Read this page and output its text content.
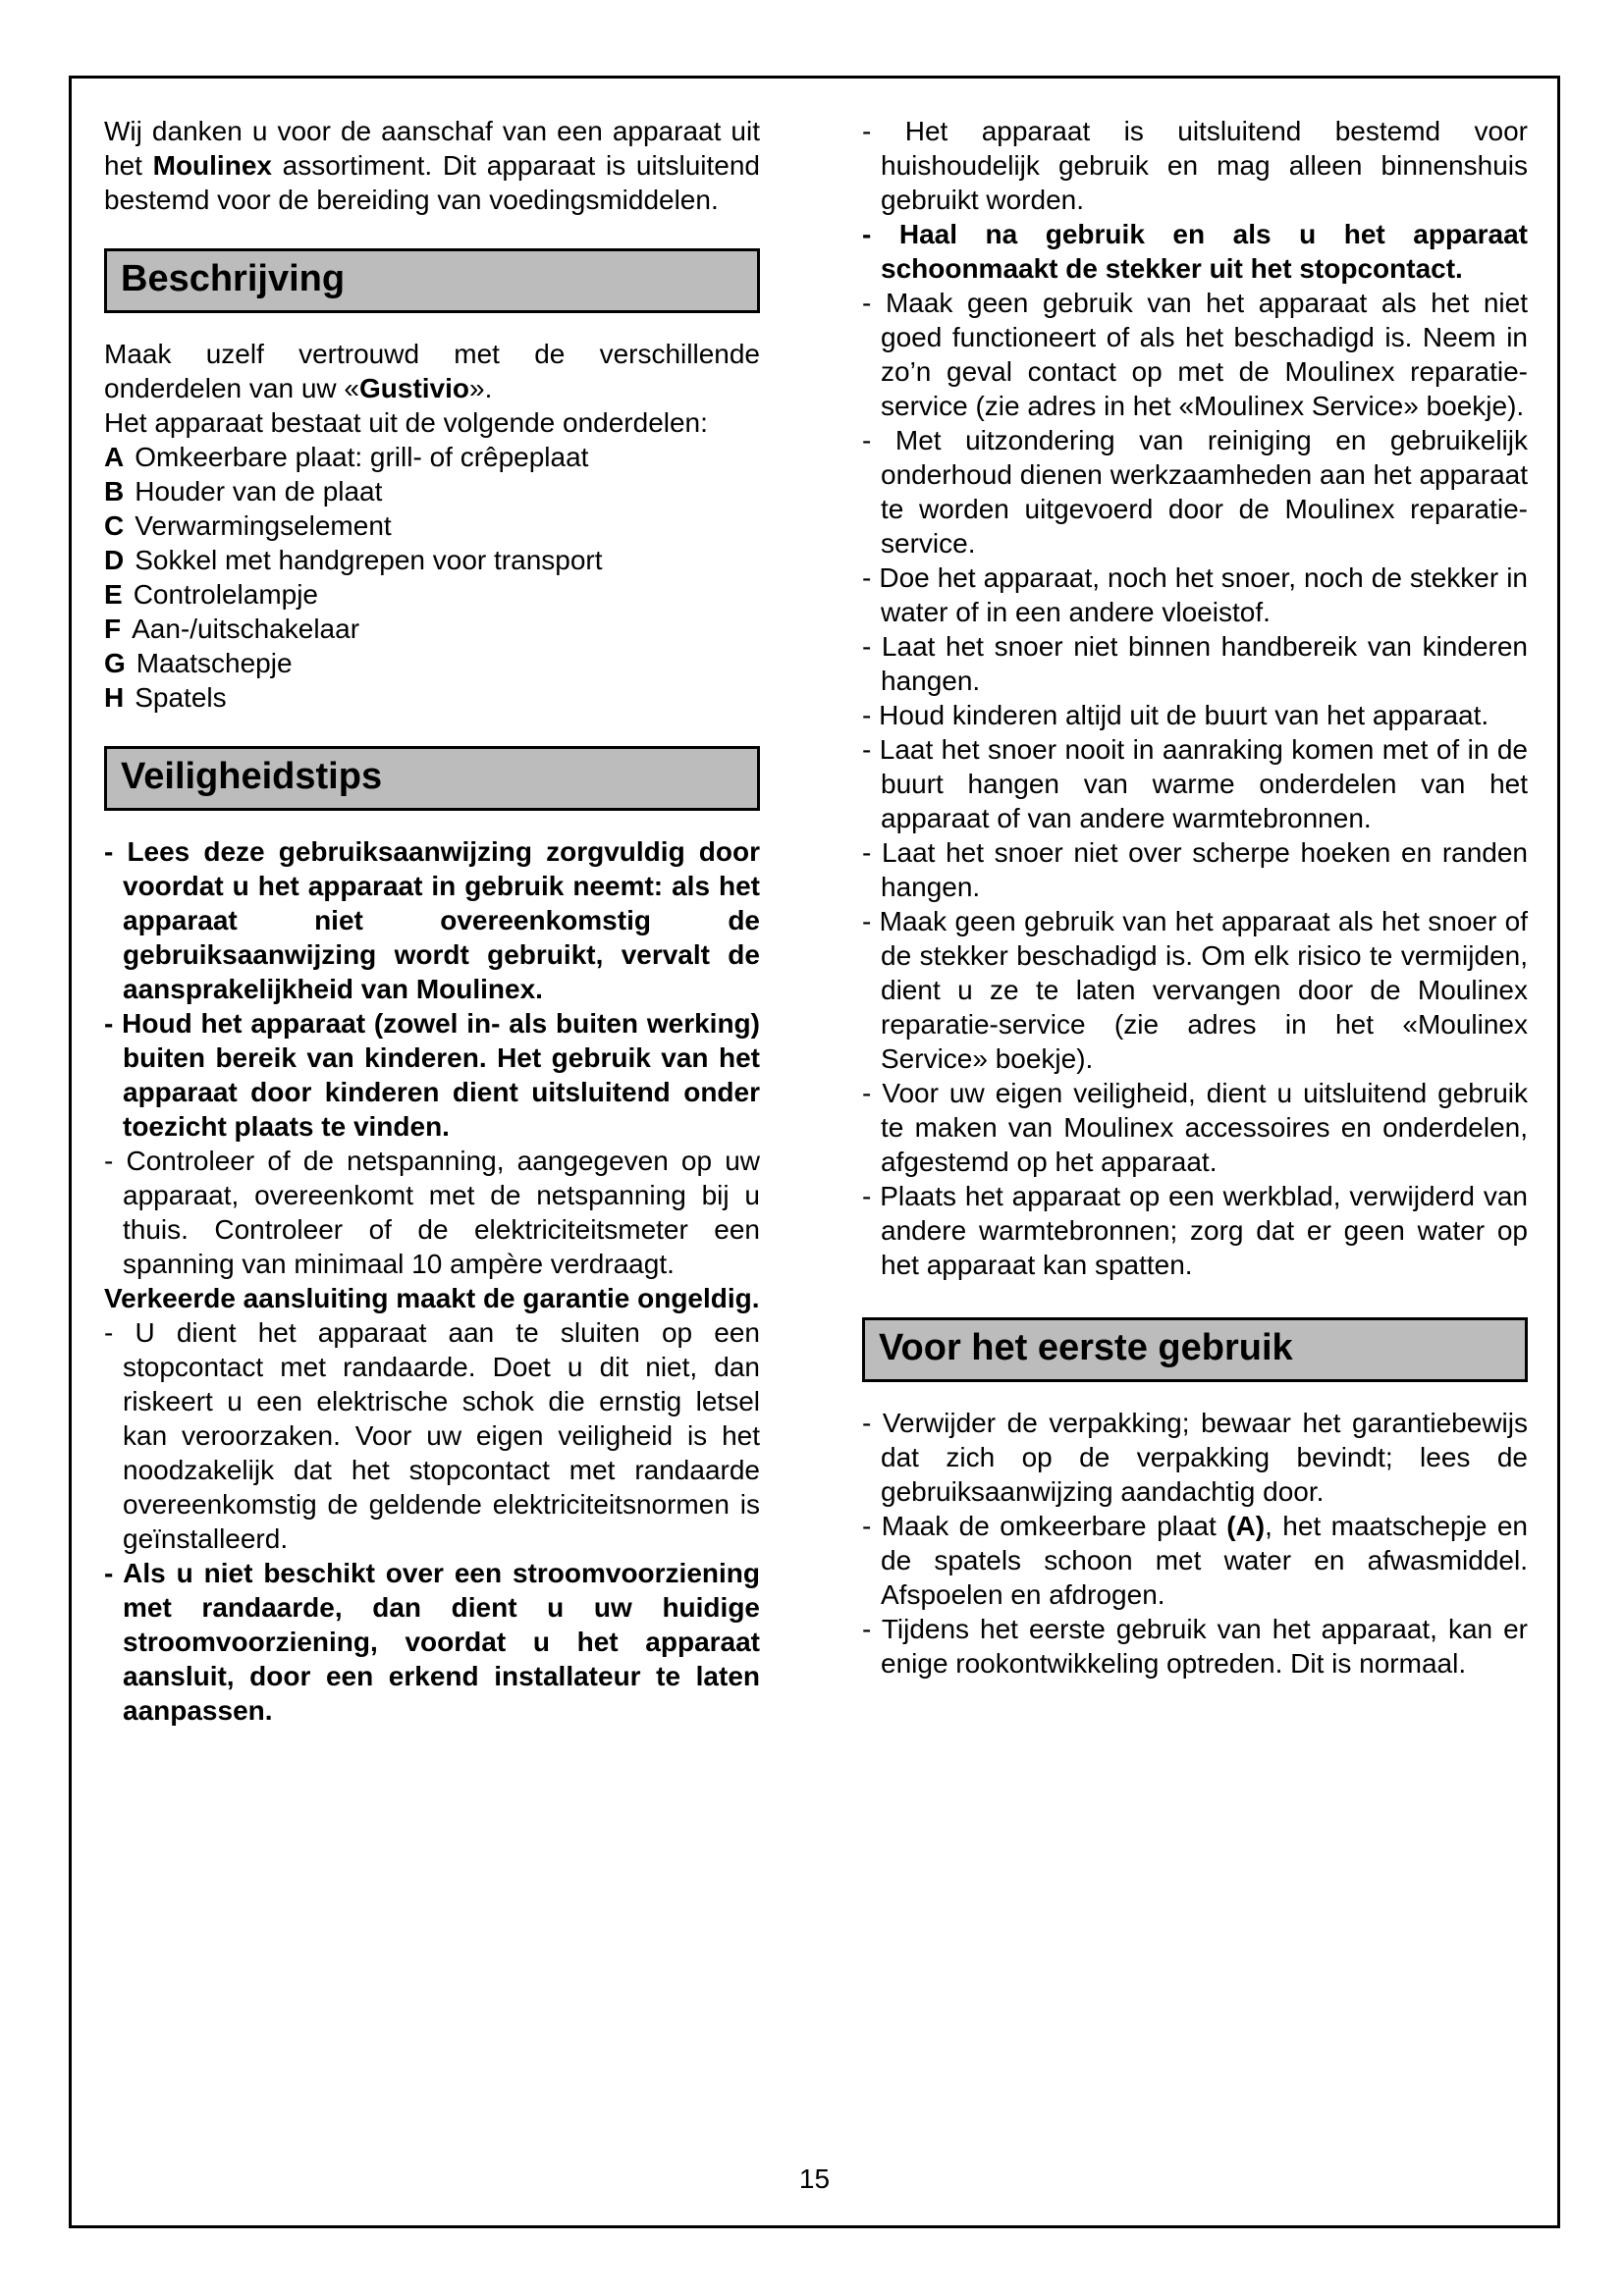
Wij danken u voor de aanschaf van een apparaat uit het Moulinex assortiment. Dit apparaat is uitsluitend bestemd voor de bereiding van voedingsmiddelen.

Beschrijving

Maak uzelf vertrouwd met de verschillende onderdelen van uw «Gustivio».

Het apparaat bestaat uit de volgende onderdelen:

A Omkeerbare plaat: grill- of crêpeplaat
B Houder van de plaat
C Verwarmingselement
D Sokkel met handgrepen voor transport
E Controlelampje
F Aan-/uitschakelaar
G Maatschepje
H Spatels
Veiligheidstips

- Lees deze gebruiksaanwijzing zorgvuldig door voordat u het apparaat in gebruik neemt: als het apparaat niet overeenkomstig de gebruiksaanwijzing wordt gebruikt, vervalt de aansprakelijkheid van Moulinex.

- Houd het apparaat (zowel in- als buiten werking) buiten bereik van kinderen. Het gebruik van het apparaat door kinderen dient uitsluitend onder toezicht plaats te vinden.

- Controleer of de netspanning, aangegeven op uw apparaat, overeenkomt met de netspanning bij u thuis. Controleer of de elektriciteitsmeter een spanning van minimaal 10 ampère verdraagt.

Verkeerde aansluiting maakt de garantie ongeldig.

- U dient het apparaat aan te sluiten op een stopcontact met randaarde. Doet u dit niet, dan riskeert u een elektrische schok die ernstig letsel kan veroorzaken. Voor uw eigen veiligheid is het noodzakelijk dat het stopcontact met randaarde overeenkomstig de geldende elektriciteitsnormen is geïnstalleerd.

- Als u niet beschikt over een stroomvoorziening met randaarde, dan dient u uw huidige stroomvoorziening, voordat u het apparaat aansluit, door een erkend installateur te laten aanpassen.

- Het apparaat is uitsluitend bestemd voor huishoudelijk gebruik en mag alleen binnenshuis gebruikt worden.

- Haal na gebruik en als u het apparaat schoonmaakt de stekker uit het stopcontact.

- Maak geen gebruik van het apparaat als het niet goed functioneert of als het beschadigd is. Neem in zo’n geval contact op met de Moulinex reparatie-service (zie adres in het «Moulinex Service» boekje).

- Met uitzondering van reiniging en gebruikelijk onderhoud dienen werkzaamheden aan het apparaat te worden uitgevoerd door de Moulinex reparatie-service.

- Doe het apparaat, noch het snoer, noch de stekker in water of in een andere vloeistof.

- Laat het snoer niet binnen handbereik van kinderen hangen.

- Houd kinderen altijd uit de buurt van het apparaat.

- Laat het snoer nooit in aanraking komen met of in de buurt hangen van warme onderdelen van het apparaat of van andere warmtebronnen.

- Laat het snoer niet over scherpe hoeken en randen hangen.

- Maak geen gebruik van het apparaat als het snoer of de stekker beschadigd is. Om elk risico te vermijden, dient u ze te laten vervangen door de Moulinex reparatie-service (zie adres in het «Moulinex Service» boekje).

- Voor uw eigen veiligheid, dient u uitsluitend gebruik te maken van Moulinex accessoires en onderdelen, afgestemd op het apparaat.

- Plaats het apparaat op een werkblad, verwijderd van andere warmtebronnen; zorg dat er geen water op het apparaat kan spatten.

Voor het eerste gebruik

- Verwijder de verpakking; bewaar het garantiebewijs dat zich op de verpakking bevindt; lees de gebruiksaanwijzing aandachtig door.

- Maak de omkeerbare plaat (A), het maatschepje en de spatels schoon met water en afwasmiddel. Afspoelen en afdrogen.

- Tijdens het eerste gebruik van het apparaat, kan er enige rookontwikkeling optreden. Dit is normaal.

15
